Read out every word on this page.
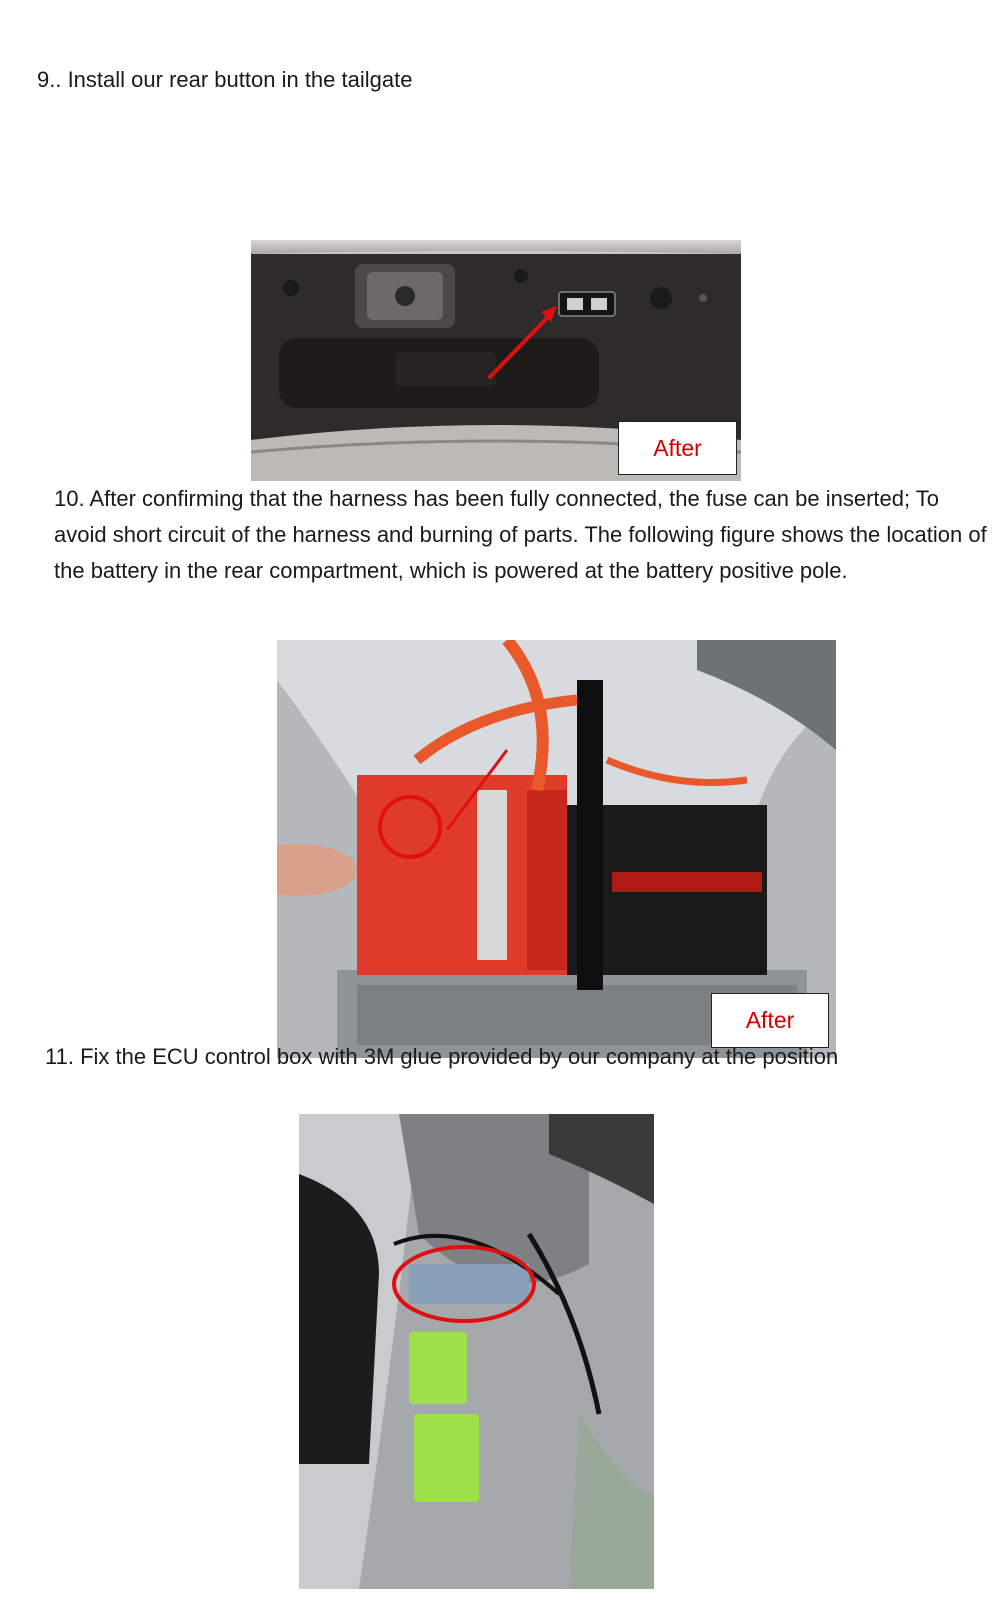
9.. Install our rear button in the tailgate

After

10. After confirming that the harness has been fully connected, the fuse can be inserted; To avoid short circuit of the harness and burning of parts. The following figure shows the location of the battery in the rear compartment, which is powered at the battery positive pole.

After

11. Fix the ECU control box with 3M glue provided by our company at the position
